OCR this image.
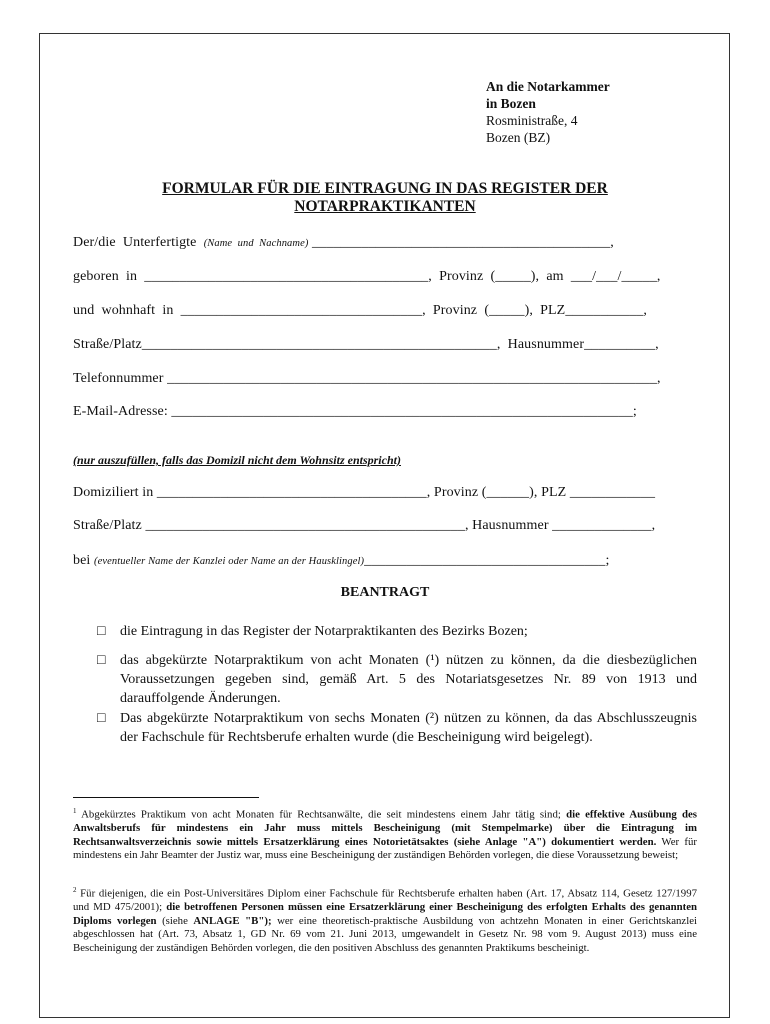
An die Notarkammer
in Bozen
Rosministraße, 4
Bozen (BZ)
FORMULAR FÜR DIE EINTRAGUNG IN DAS REGISTER DER
NOTARPRAKTIKANTEN
Der/die  Unterfertigte  (Name  und  Nachname) __________________________________________,
geboren  in  ________________________________________,  Provinz  (_____),  am  ___/___/_____,
und  wohnhaft  in  __________________________________,  Provinz  (_____),  PLZ___________,
Straße/Platz__________________________________________________,  Hausnummer__________,
Telefonnummer _____________________________________________________________________,
E-Mail-Adresse: _________________________________________________________________;
(nur auszufüllen, falls das Domizil nicht dem Wohnsitz entspricht)
Domiziliert in ______________________________________, Provinz (______), PLZ ____________
Straße/Platz _____________________________________________, Hausnummer ______________,
bei (eventueller Name der Kanzlei oder Name an der Hausklingel)__________________________________;
BEANTRAGT
□	die Eintragung in das Register der Notarpraktikanten des Bezirks Bozen;
□	das abgekürzte Notarpraktikum von acht Monaten (¹) nützen zu können, da die diesbezüglichen Voraussetzungen gegeben sind, gemäß Art. 5 des Notariatsgesetzes Nr. 89 von 1913 und darauffolgende Änderungen.
□	Das abgekürzte Notarpraktikum von sechs Monaten (²) nützen zu können, da das Abschlusszeugnis der Fachschule für Rechtsberufe erhalten wurde (die Bescheinigung wird beigelegt).
$^1$ Abgekürztes Praktikum von acht Monaten für Rechtsanwälte, die seit mindestens einem Jahr tätig sind; die effektive Ausübung des Anwaltsberufs für mindestens ein Jahr muss mittels Bescheinigung (mit Stempelmarke) über die Eintragung im Rechtsanwaltsverzeichnis sowie mittels Ersatzerklärung eines Notorietätsaktes (siehe Anlage "A") dokumentiert werden. Wer für mindestens ein Jahr Beamter der Justiz war, muss eine Bescheinigung der zuständigen Behörden vorlegen, die diese Voraussetzung beweist;
$^2$ Für diejenigen, die ein Post-Universitäres Diplom einer Fachschule für Rechtsberufe erhalten haben (Art. 17, Absatz 114, Gesetz 127/1997 und MD 475/2001); die betroffenen Personen müssen eine Ersatzerklärung einer Bescheinigung des erfolgten Erhalts des genannten Diploms vorlegen (siehe ANLAGE "B"); wer eine theoretisch-praktische Ausbildung von achtzehn Monaten in einer Gerichtskanzlei abgeschlossen hat (Art. 73, Absatz 1, GD Nr. 69 vom 21. Juni 2013, umgewandelt in Gesetz Nr. 98 vom 9. August 2013) muss eine Bescheinigung der zuständigen Behörden vorlegen, die den positiven Abschluss des genannten Praktikums bescheinigt.
